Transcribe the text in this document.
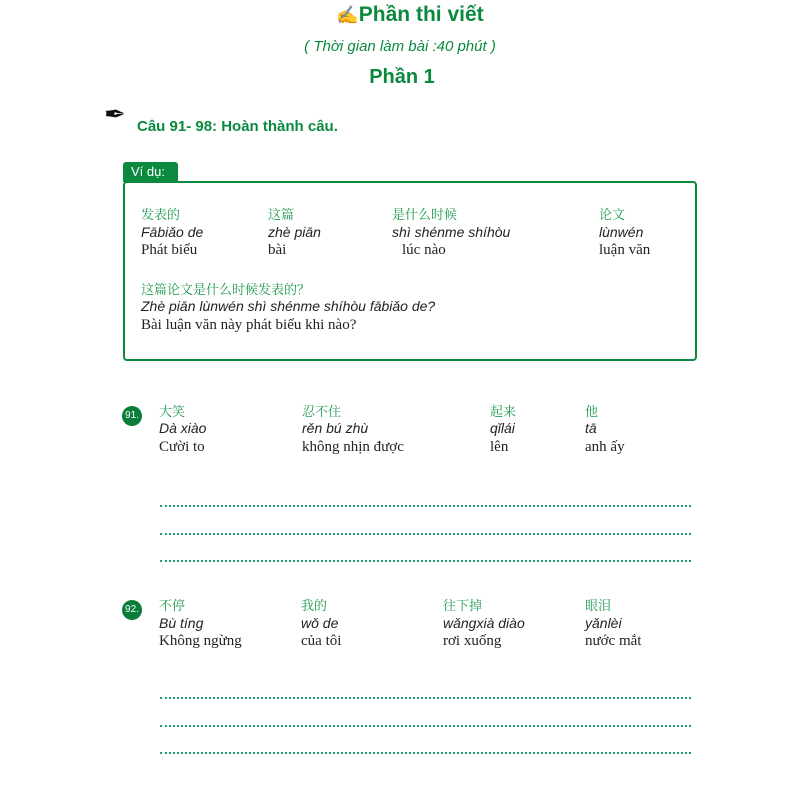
✍Phần thi viết
( Thời gian làm bài :40 phút )
Phần 1
✒ Câu 91- 98: Hoàn thành câu.
Ví dụ:
发表的	这篇	是什么时候	论文
Fābiǎo de	zhè piān	shì shénme shíhòu	lùnwén
Phát biểu	bài	lúc nào	luận văn
这篇论文是什么时候发表的？
Zhè piān lùnwén shì shénme shíhòu fābiǎo de?
Bài luận văn này phát biểu khi nào?
91. 大笑	忍不住	起来	他
Dà xiào	rěn bú zhù	qǐlái	tā
Cười to	không nhịn được	lên	anh ấy
92. 不停	我的	往下掉	眼泪
Bù tíng	wǒ de	wǎngxià diào	yǎnlèi
Không ngừng	của tôi	rơi xuống	nước mắt
